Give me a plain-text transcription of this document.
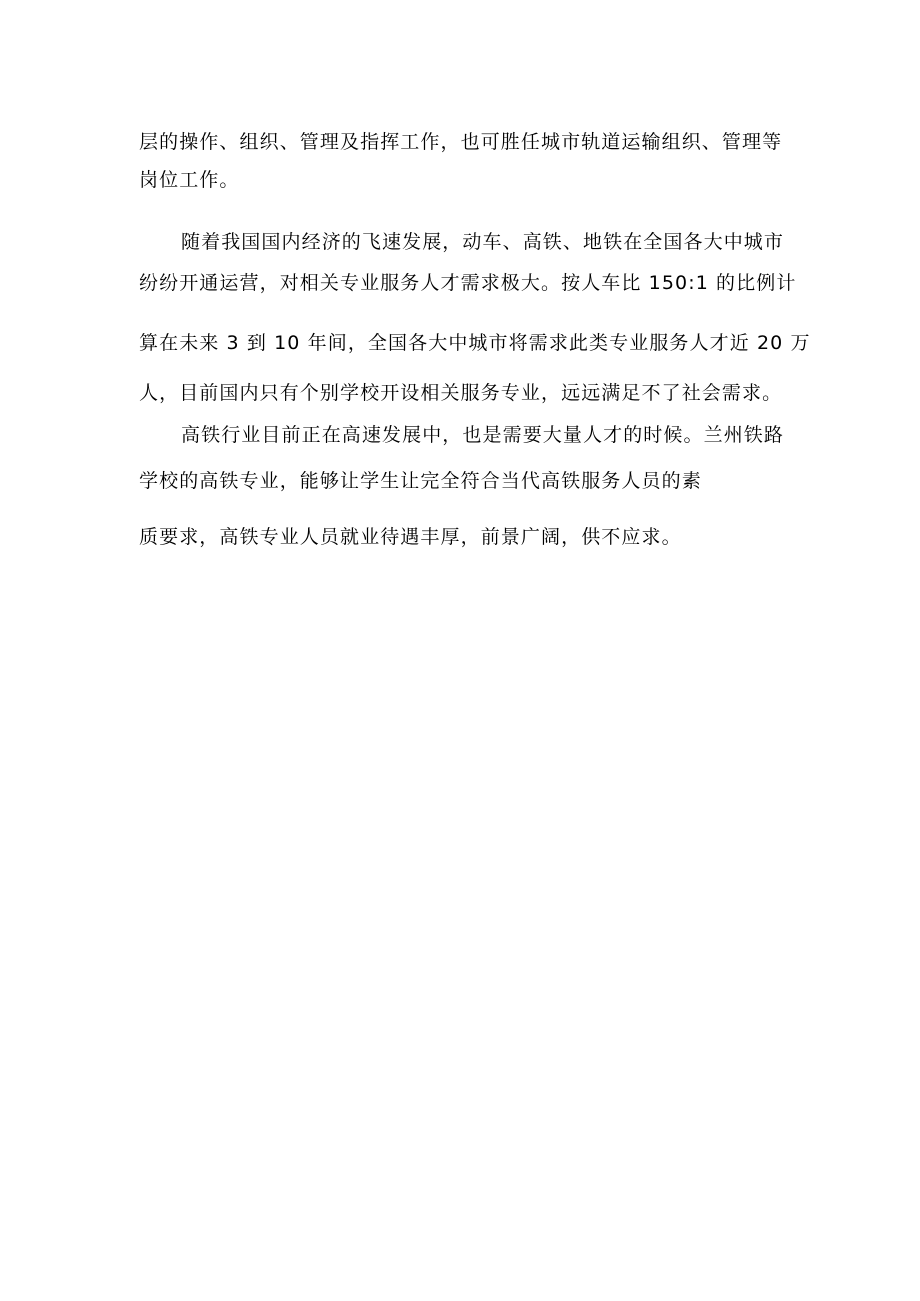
层的操作、组织、管理及指挥工作，也可胜任城市轨道运输组织、管理等
岗位工作。
随着我国国内经济的飞速发展，动车、高铁、地铁在全国各大中城市
纷纷开通运营，对相关专业服务人才需求极大。按人车比 150:1 的比例计
算在未来 3 到 10 年间，全国各大中城市将需求此类专业服务人才近 20 万
人，目前国内只有个别学校开设相关服务专业，远远满足不了社会需求。
高铁行业目前正在高速发展中，也是需要大量人才的时候。兰州铁路
学校的高铁专业，能够让学生让完全符合当代高铁服务人员的素
质要求，高铁专业人员就业待遇丰厚，前景广阔，供不应求。
